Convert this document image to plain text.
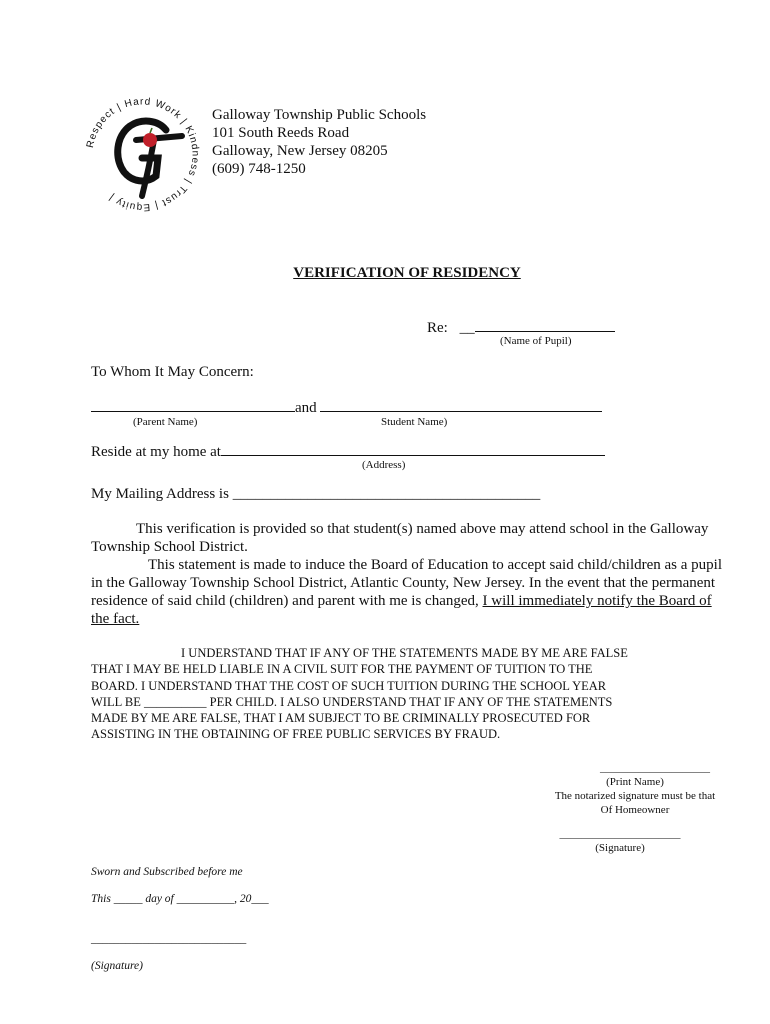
Respect | Hard Work | Kindness | Trust | Equity |
Galloway Township Public Schools
101 South Reeds Road
Galloway, New Jersey 08205
(609) 748-1250
VERIFICATION OF RESIDENCY
Re: __
(Name of Pupil)
To Whom It May Concern:
and
(Parent Name)	Student Name)
Reside at my home at
(Address)
My Mailing Address is _________________________________________
This verification is provided so that student(s) named above may attend school in the Galloway Township School District.
This statement is made to induce the Board of Education to accept said child/children as a pupil in the Galloway Township School District, Atlantic County, New Jersey. In the event that the permanent residence of said child (children) and parent with me is changed, I will immediately notify the Board of the fact.
I UNDERSTAND THAT IF ANY OF THE STATEMENTS MADE BY ME ARE FALSE
THAT I MAY BE HELD LIABLE IN A CIVIL SUIT FOR THE PAYMENT OF TUITION TO THE
BOARD. I UNDERSTAND THAT THE COST OF SUCH TUITION DURING THE SCHOOL YEAR
WILL BE __________ PER CHILD. I ALSO UNDERSTAND THAT IF ANY OF THE STATEMENTS
MADE BY ME ARE FALSE, THAT I AM SUBJECT TO BE CRIMINALLY PROSECUTED FOR
ASSISTING IN THE OBTAINING OF FREE PUBLIC SERVICES BY FRAUD.
____________________
(Print Name)
The notarized signature must be that
Of Homeowner
______________________
(Signature)
Sworn and Subscribed before me
This _____ day of __________, 20___
___________________________
(Signature)
